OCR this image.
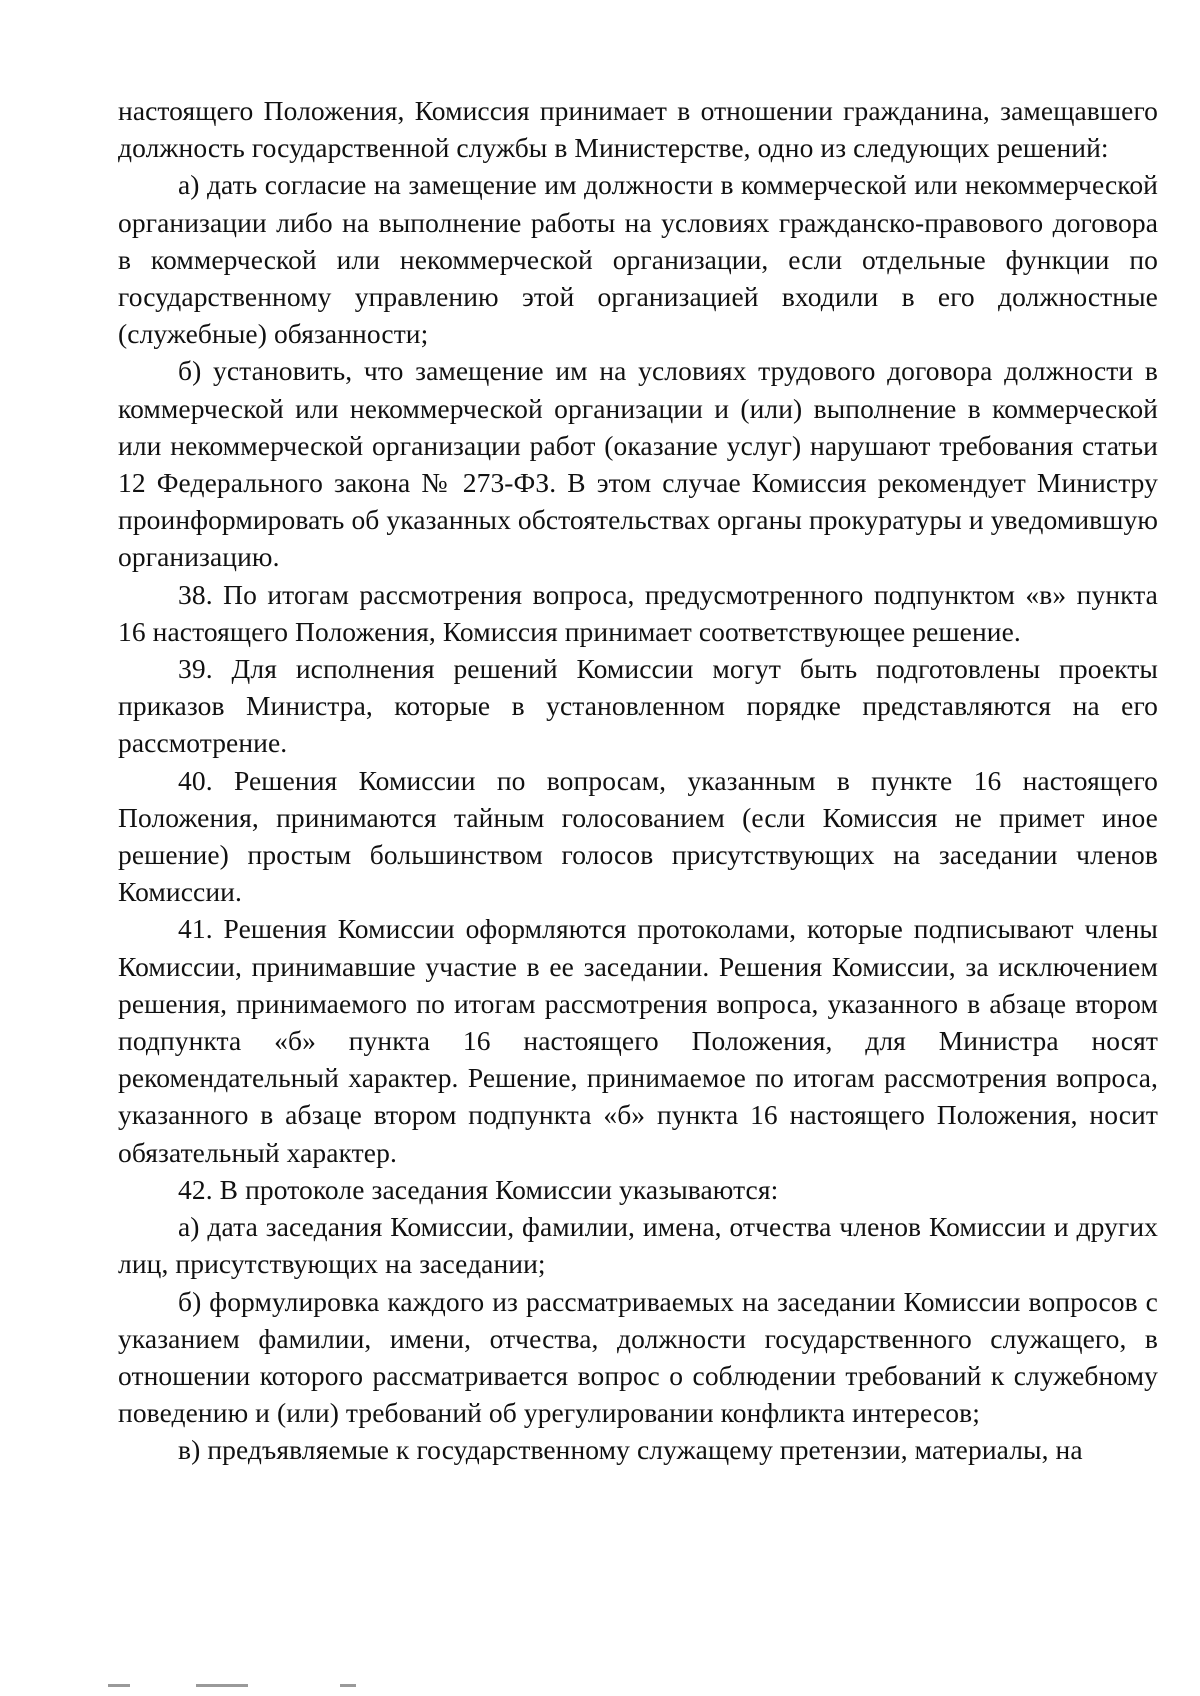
настоящего Положения, Комиссия принимает в отношении гражданина, замещавшего должность государственной службы в Министерстве, одно из следующих решений:

а) дать согласие на замещение им должности в коммерческой или некоммерческой организации либо на выполнение работы на условиях гражданско-правового договора в коммерческой или некоммерческой организации, если отдельные функции по государственному управлению этой организацией входили в его должностные (служебные) обязанности;

б) установить, что замещение им на условиях трудового договора должности в коммерческой или некоммерческой организации и (или) выполнение в коммерческой или некоммерческой организации работ (оказание услуг) нарушают требования статьи 12 Федерального закона № 273-ФЗ. В этом случае Комиссия рекомендует Министру проинформировать об указанных обстоятельствах органы прокуратуры и уведомившую организацию.

38. По итогам рассмотрения вопроса, предусмотренного подпунктом «в» пункта 16 настоящего Положения, Комиссия принимает соответствующее решение.

39. Для исполнения решений Комиссии могут быть подготовлены проекты приказов Министра, которые в установленном порядке представляются на его рассмотрение.

40. Решения Комиссии по вопросам, указанным в пункте 16 настоящего Положения, принимаются тайным голосованием (если Комиссия не примет иное решение) простым большинством голосов присутствующих на заседании членов Комиссии.

41. Решения Комиссии оформляются протоколами, которые подписывают члены Комиссии, принимавшие участие в ее заседании. Решения Комиссии, за исключением решения, принимаемого по итогам рассмотрения вопроса, указанного в абзаце втором подпункта «б» пункта 16 настоящего Положения, для Министра носят рекомендательный характер. Решение, принимаемое по итогам рассмотрения вопроса, указанного в абзаце втором подпункта «б» пункта 16 настоящего Положения, носит обязательный характер.

42. В протоколе заседания Комиссии указываются:

а) дата заседания Комиссии, фамилии, имена, отчества членов Комиссии и других лиц, присутствующих на заседании;

б) формулировка каждого из рассматриваемых на заседании Комиссии вопросов с указанием фамилии, имени, отчества, должности государственного служащего, в отношении которого рассматривается вопрос о соблюдении требований к служебному поведению и (или) требований об урегулировании конфликта интересов;

в) предъявляемые к государственному служащему претензии, материалы, на
